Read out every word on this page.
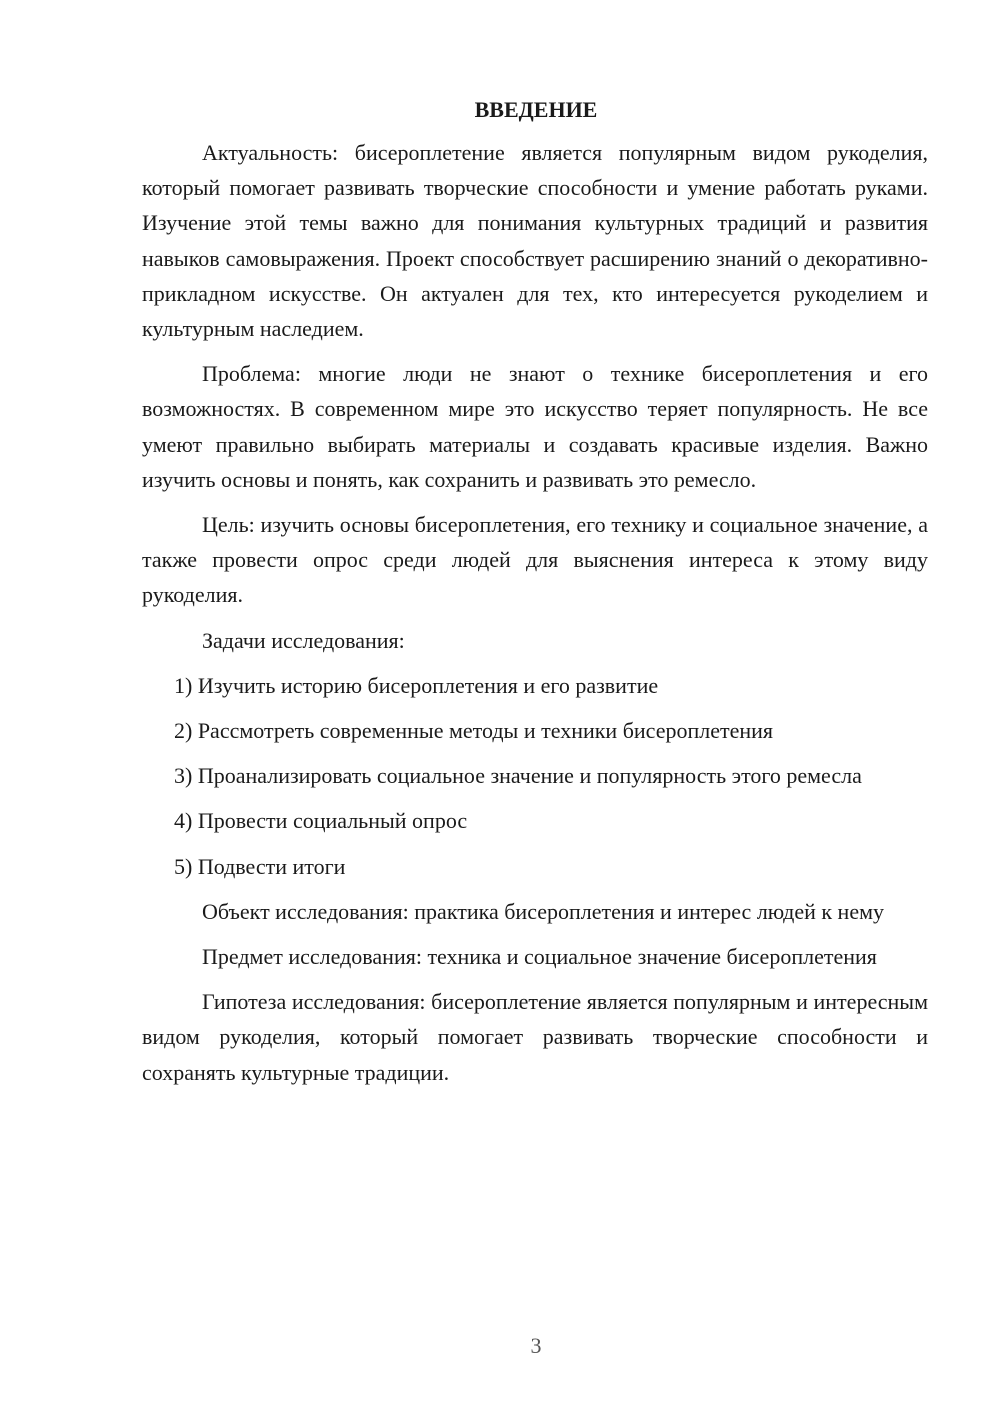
ВВЕДЕНИЕ

Актуальность: бисероплетение является популярным видом рукоделия, который помогает развивать творческие способности и умение работать руками. Изучение этой темы важно для понимания культурных традиций и развития навыков самовыражения. Проект способствует расширению знаний о декоративно-прикладном искусстве. Он актуален для тех, кто интересуется рукоделием и культурным наследием.

Проблема: многие люди не знают о технике бисероплетения и его возможностях. В современном мире это искусство теряет популярность. Не все умеют правильно выбирать материалы и создавать красивые изделия. Важно изучить основы и понять, как сохранить и развивать это ремесло.

Цель: изучить основы бисероплетения, его технику и социальное значение, а также провести опрос среди людей для выяснения интереса к этому виду рукоделия.

Задачи исследования:

1) Изучить историю бисероплетения и его развитие

2) Рассмотреть современные методы и техники бисероплетения

3) Проанализировать социальное значение и популярность этого ремесла

4) Провести социальный опрос

5) Подвести итоги

Объект исследования: практика бисероплетения и интерес людей к нему

Предмет исследования: техника и социальное значение бисероплетения

Гипотеза исследования: бисероплетение является популярным и интересным видом рукоделия, который помогает развивать творческие способности и сохранять культурные традиции.

3
